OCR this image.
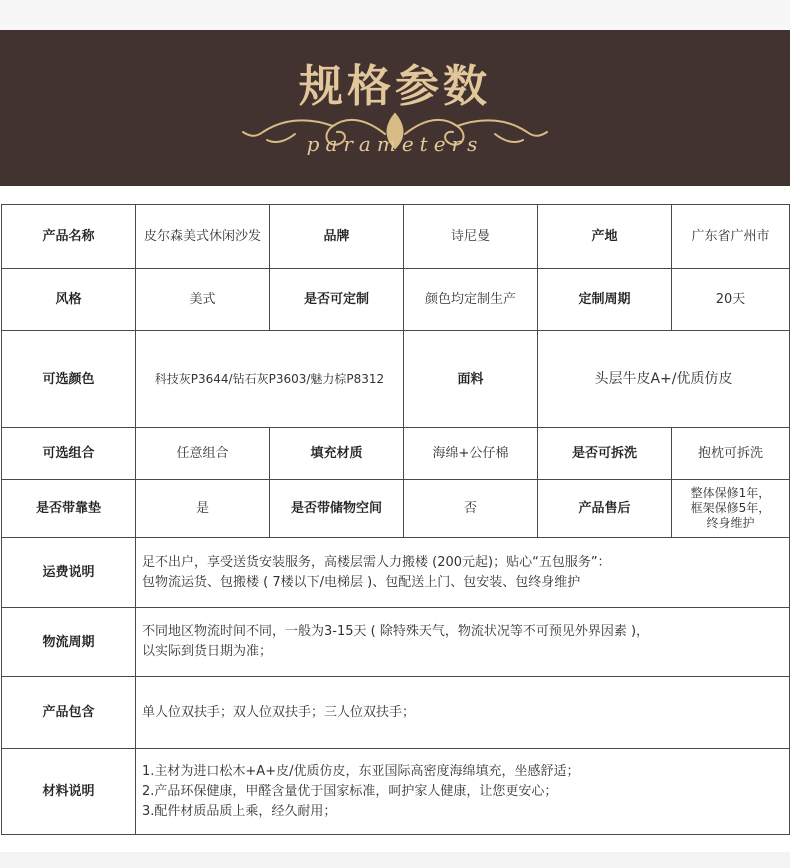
规格参数
parameters
产品名称	皮尔森美式休闲沙发	品牌	诗尼曼	产地	广东省广州市
风格	美式	是否可定制	颜色均定制生产	定制周期	20天
可选颜色	科技灰P3644/钻石灰P3603/魅力棕P8312		面料	头层牛皮A+/优质仿皮	
可选组合	任意组合	填充材质	海绵+公仔棉	是否可拆洗	抱枕可拆洗
是否带靠垫	是	是否带储物空间	否	产品售后	整体保修1年，
框架保修5年，
终身维护

运费说明	足不出户，享受送货安装服务，高楼层需人力搬楼 (200元起)；贴心“五包服务”：
包物流运货、包搬楼 ( 7楼以下/电梯层 )、包配送上门、包安装、包终身维护				

物流周期	不同地区物流时间不同，一般为3-15天 ( 除特殊天气，物流状况等不可预见外界因素 )，
以实际到货日期为准；				

产品包含	单人位双扶手；双人位双扶手；三人位双扶手；				

材料说明	1.主材为进口松木+A+皮/优质仿皮，东亚国际高密度海绵填充，坐感舒适；
2.产品环保健康，甲醛含量优于国家标准，呵护家人健康，让您更安心；
3.配件材质品质上乘，经久耐用；				
